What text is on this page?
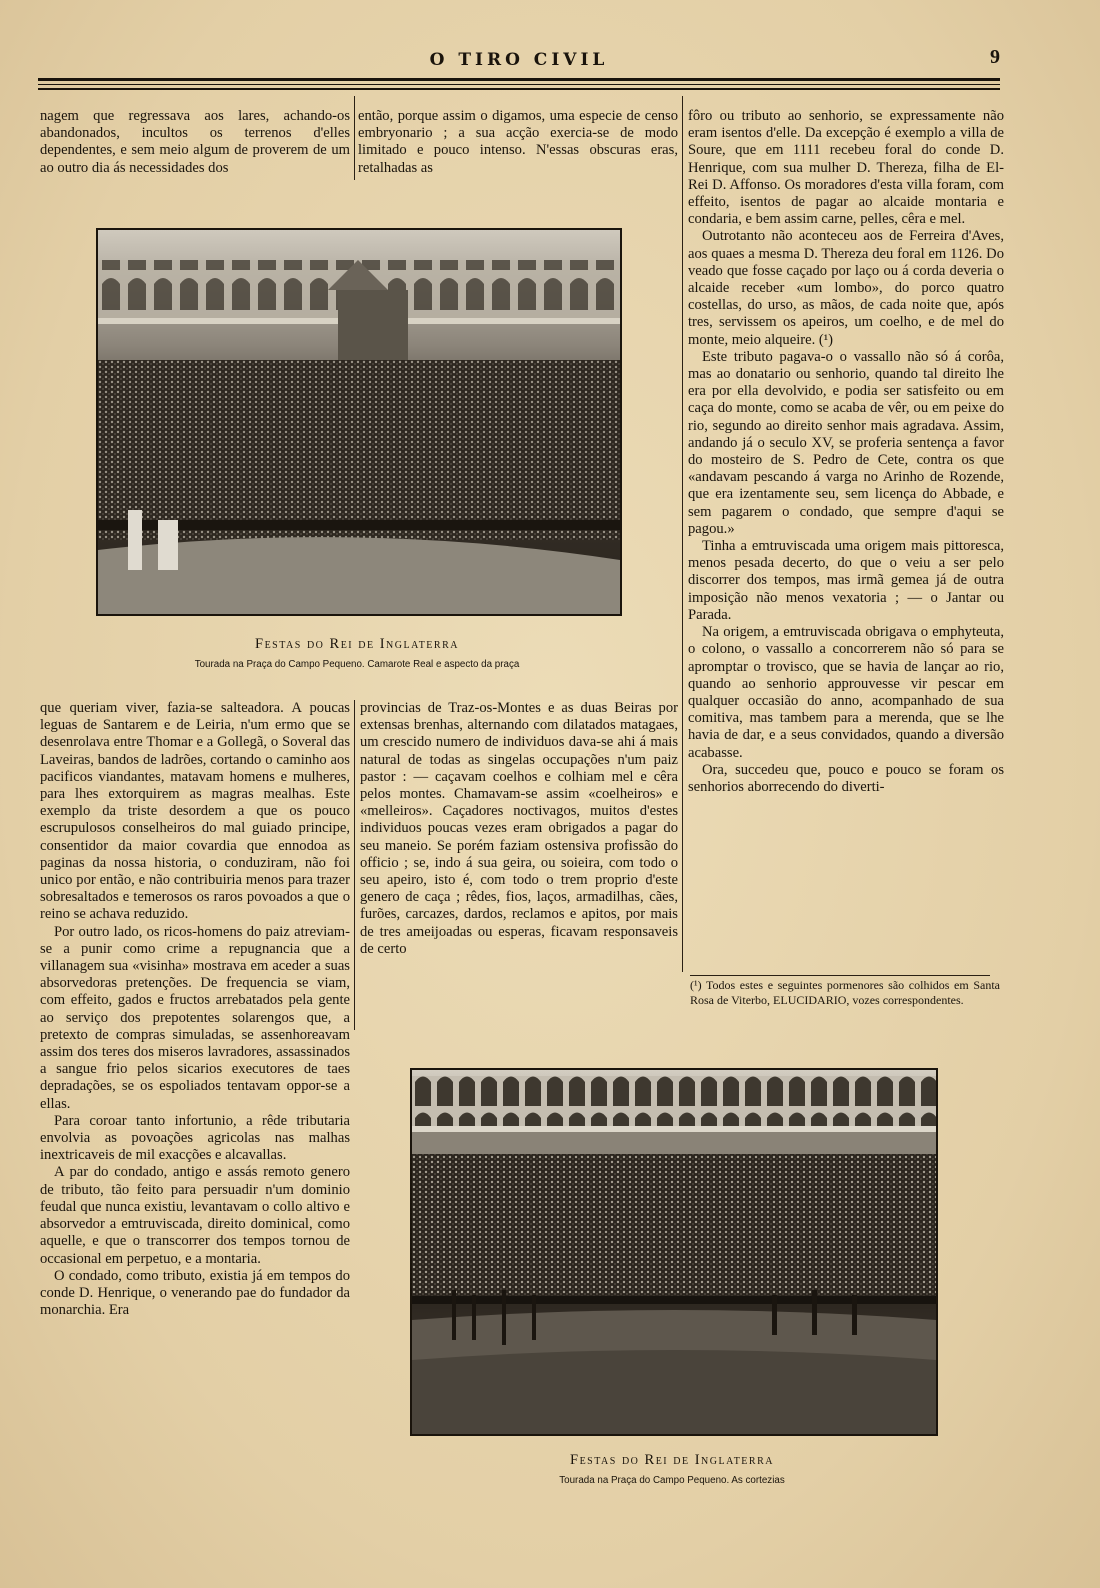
O TIRO CIVIL	9

nagem que regressava aos lares, achando-os abandonados, incultos os terrenos d'elles dependentes, e sem meio algum de proverem de um ao outro dia ás necessidades dos

então, porque assim o digamos, uma especie de censo embryonario ; a sua acção exercia-se de modo limitado e pouco intenso. N'essas obscuras eras, retalhadas as

fôro ou tributo ao senhorio, se expressamente não eram isentos d'elle. Da excepção é exemplo a villa de Soure, que em 1111 recebeu foral do conde D. Henrique, com sua mulher D. Thereza, filha de El-Rei D. Affonso. Os moradores d'esta villa foram, com effeito, isentos de pagar ao alcaide montaria e condaria, e bem assim carne, pelles, cêra e mel.

Outrotanto não aconteceu aos de Ferreira d'Aves, aos quaes a mesma D. Thereza deu foral em 1126. Do veado que fosse caçado por laço ou á corda deveria o alcaide receber «um lombo», do porco quatro costellas, do urso, as mãos, de cada noite que, após tres, servissem os apeiros, um coelho, e de mel do monte, meio alqueire. (¹)

Este tributo pagava-o o vassallo não só á corôa, mas ao donatario ou senhorio, quando tal direito lhe era por ella devolvido, e podia ser satisfeito ou em caça do monte, como se acaba de vêr, ou em peixe do rio, segundo ao direito senhor mais agradava. Assim, andando já o seculo XV, se proferia sentença a favor do mosteiro de S. Pedro de Cete, contra os que «andavam pescando á varga no Arinho de Rozende, que era izentamente seu, sem licença do Abbade, e sem pagarem o condado, que sempre d'aqui se pagou.»

Tinha a emtruviscada uma origem mais pittoresca, menos pesada decerto, do que o veiu a ser pelo discorrer dos tempos, mas irmã gemea já de outra imposição não menos vexatoria ; — o Jantar ou Parada.

Na origem, a emtruviscada obrigava o emphyteuta, o colono, o vassallo a concorrerem não só para se apromptar o trovisco, que se havia de lançar ao rio, quando ao senhorio approuvesse vir pescar em qualquer occasião do anno, acompanhado de sua comitiva, mas tambem para a merenda, que se lhe havia de dar, e a seus convidados, quando a diversão acabasse.

Ora, succedeu que, pouco e pouco se foram os senhorios aborrecendo do diverti-

(¹) Todos estes e seguintes pormenores são colhidos em Santa Rosa de Viterbo, ELUCIDARIO, vozes correspondentes.
Festas do Rei de Inglaterra
Tourada na Praça do Campo Pequeno. Camarote Real e aspecto da praça

que queriam viver, fazia-se salteadora. A poucas leguas de Santarem e de Leiria, n'um ermo que se desenrolava entre Thomar e a Gollegã, o Soveral das Laveiras, bandos de ladrões, cortando o caminho aos pacificos viandantes, matavam homens e mulheres, para lhes extorquirem as magras mealhas. Este exemplo da triste desordem a que os pouco escrupulosos conselheiros do mal guiado principe, consentidor da maior covardia que ennodoa as paginas da nossa historia, o conduziram, não foi unico por então, e não contribuiria menos para trazer sobresaltados e temerosos os raros povoados a que o reino se achava reduzido.

Por outro lado, os ricos-homens do paiz atreviam-se a punir como crime a repugnancia que a villanagem sua «visinha» mostrava em aceder a suas absorvedoras pretenções. De frequencia se viam, com effeito, gados e fructos arrebatados pela gente ao serviço dos prepotentes solarengos que, a pretexto de compras simuladas, se assenhoreavam assim dos teres dos miseros lavradores, assassinados a sangue frio pelos sicarios executores de taes depradações, se os espoliados tentavam oppor-se a ellas.

Para coroar tanto infortunio, a rêde tributaria envolvia as povoações agricolas nas malhas inextricaveis de mil exacções e alcavallas.

A par do condado, antigo e assás remoto genero de tributo, tão feito para persuadir n'um dominio feudal que nunca existiu, levantavam o collo altivo e absorvedor a emtruviscada, direito dominical, como aquelle, e que o transcorrer dos tempos tornou de occasional em perpetuo, e a montaria.

O condado, como tributo, existia já em tempos do conde D. Henrique, o venerando pae do fundador da monarchia. Era

provincias de Traz-os-Montes e as duas Beiras por extensas brenhas, alternando com dilatados matagaes, um crescido numero de individuos dava-se ahi á mais natural de todas as singelas occupações n'um paiz pastor : — caçavam coelhos e colhiam mel e cêra pelos montes. Chamavam-se assim «coelheiros» e «melleiros». Caçadores noctivagos, muitos d'estes individuos poucas vezes eram obrigados a pagar do seu maneio. Se porém faziam ostensiva profissão do officio ; se, indo á sua geira, ou soieira, com todo o seu apeiro, isto é, com todo o trem proprio d'este genero de caça ; rêdes, fios, laços, armadilhas, cães, furões, carcazes, dardos, reclamos e apitos, por mais de tres ameijoadas ou esperas, ficavam responsaveis de certo

Festas do Rei de Inglaterra
Tourada na Praça do Campo Pequeno. As cortezias
